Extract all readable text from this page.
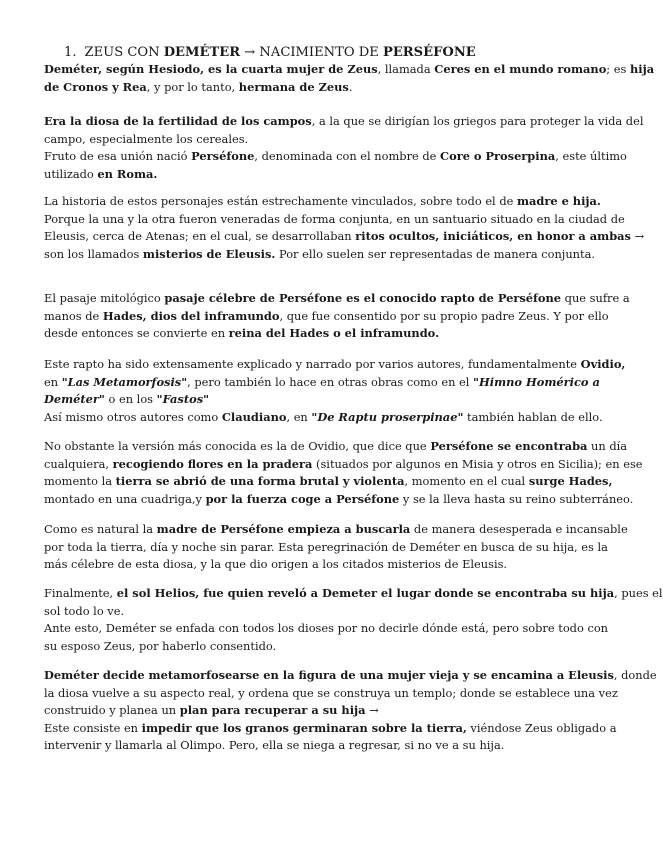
1. ZEUS CON DEMÉTER → NACIMIENTO DE PERSÉFONE
Deméter, según Hesiodo, es la cuarta mujer de Zeus, llamada Ceres en el mundo romano; es hija
de Cronos y Rea, y por lo tanto, hermana de Zeus.
Era la diosa de la fertilidad de los campos, a la que se dirigían los griegos para proteger la vida del
campo, especialmente los cereales.
Fruto de esa unión nació Perséfone, denominada con el nombre de Core o Proserpina, este último
utilizado en Roma.
La historia de estos personajes están estrechamente vinculados, sobre todo el de madre e hija.
Porque la una y la otra fueron veneradas de forma conjunta, en un santuario situado en la ciudad de
Eleusis, cerca de Atenas; en el cual, se desarrollaban ritos ocultos, iniciáticos, en honor a ambas →
son los llamados misterios de Eleusis. Por ello suelen ser representadas de manera conjunta.
El pasaje mitológico pasaje célebre de Perséfone es el conocido rapto de Perséfone que sufre a
manos de Hades, dios del inframundo, que fue consentido por su propio padre Zeus. Y por ello
desde entonces se convierte en reina del Hades o el inframundo.
Este rapto ha sido extensamente explicado y narrado por varios autores, fundamentalmente Ovidio,
en "Las Metamorfosis", pero también lo hace en otras obras como en el "Himno Homérico a
Deméter" o en los "Fastos"
Así mismo otros autores como Claudiano, en "De Raptu proserpinae" también hablan de ello.
No obstante la versión más conocida es la de Ovidio, que dice que Perséfone se encontraba un día
cualquiera, recogiendo flores en la pradera (situados por algunos en Misia y otros en Sicilia); en ese
momento la tierra se abrió de una forma brutal y violenta, momento en el cual surge Hades,
montado en una cuadriga,y por la fuerza coge a Perséfone y se la lleva hasta su reino subterráneo.
Como es natural la madre de Perséfone empieza a buscarla de manera desesperada e incansable
por toda la tierra, día y noche sin parar. Esta peregrinación de Deméter en busca de su hija, es la
más célebre de esta diosa, y la que dio origen a los citados misterios de Eleusis.
Finalmente, el sol Helios, fue quien reveló a Demeter el lugar donde se encontraba su hija, pues el
sol todo lo ve.
Ante esto, Deméter se enfada con todos los dioses por no decirle dónde está, pero sobre todo con
su esposo Zeus, por haberlo consentido.
Deméter decide metamorfosearse en la figura de una mujer vieja y se encamina a Eleusis, donde
la diosa vuelve a su aspecto real, y ordena que se construya un templo; donde se establece una vez
construido y planea un plan para recuperar a su hija →
Este consiste en impedir que los granos germinaran sobre la tierra, viéndose Zeus obligado a
intervenir y llamarla al Olimpo. Pero, ella se niega a regresar, si no ve a su hija.
